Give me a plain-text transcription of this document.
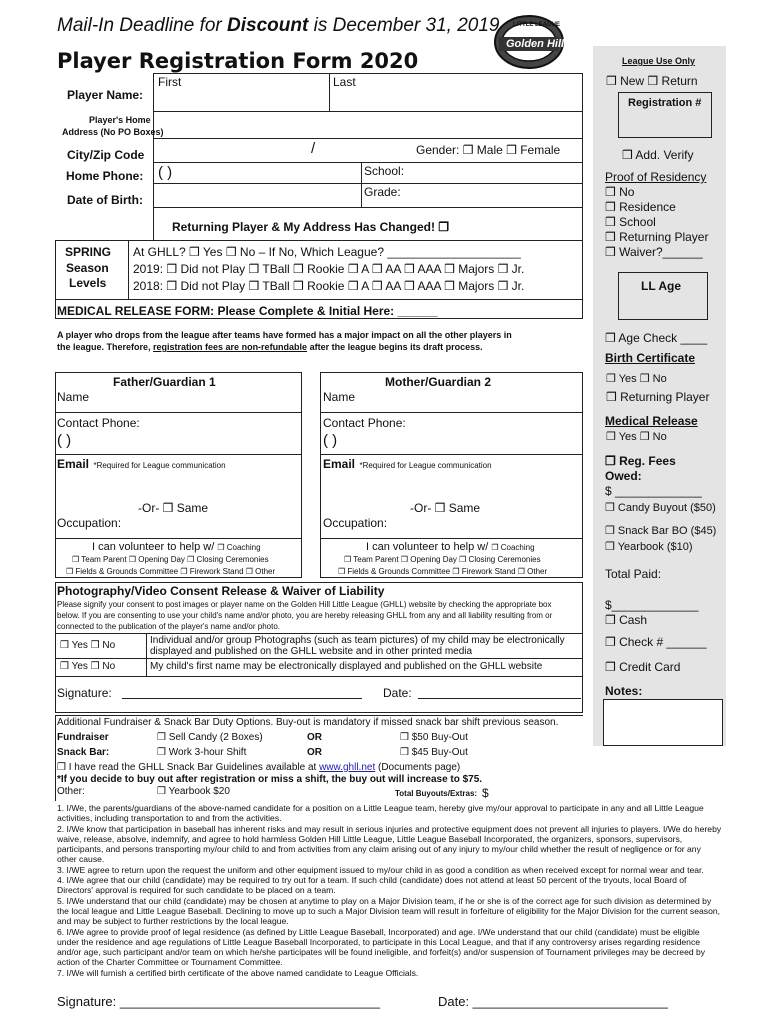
Mail-In Deadline for Discount is December 31, 2019
Player Registration Form 2020
LITTLE LEAGUE
Golden Hill
First	Last
Player Name:
Player's Home
Address (No PO Boxes)
City/Zip Code	/	Gender: ❒ Male ❒ Female
Home Phone: ( )	School:
Grade:
Date of Birth:
Returning Player & My Address Has Changed! ❒
SPRING
Season
Levels
At GHLL? ❒ Yes ❒ No – If No, Which League? ____________________
2019: ❒ Did not Play ❒ TBall ❒ Rookie ❒ A ❒ AA ❒ AAA ❒ Majors ❒ Jr.
2018: ❒ Did not Play ❒ TBall ❒ Rookie ❒ A ❒ AA ❒ AAA ❒ Majors ❒ Jr.
MEDICAL RELEASE FORM: Please Complete & Initial Here: ______
A player who drops from the league after teams have formed has a major impact on all the other players in
the league. Therefore, registration fees are non-refundable after the league begins its draft process.
Father/Guardian 1
Name
Contact Phone:
( )
Email *Required for League communication
-Or- ❒ Same
Occupation:
I can volunteer to help w/ ❒ Coaching
❒ Team Parent ❒ Opening Day ❒ Closing Ceremonies
❒ Fields & Grounds Committee ❒ Firework Stand ❒ Other
Mother/Guardian 2
Name
Contact Phone:
( )
Email *Required for League communication
-Or- ❒ Same
Occupation:
I can volunteer to help w/ ❒ Coaching
❒ Team Parent ❒ Opening Day ❒ Closing Ceremonies
❒ Fields & Grounds Committee ❒ Firework Stand ❒ Other
Photography/Video Consent Release & Waiver of Liability
Please signify your consent to post images or player name on the Golden Hill Little League (GHLL) website by checking the appropriate box
below. If you are consenting to use your child's name and/or photo, you are hereby releasing GHLL from any and all liability resulting from or
connected to the publication of the player's name and/or photo.
❒ Yes ❒ No	Individual and/or group Photographs (such as team pictures) of my child may be electronically
displayed and published on the GHLL website and in other printed media
❒ Yes ❒ No	My child's first name may be electronically displayed and published on the GHLL website
Signature:	Date:
Additional Fundraiser & Snack Bar Duty Options. Buy-out is mandatory if missed snack bar shift previous season.
Fundraiser	❒ Sell Candy (2 Boxes)	OR	❒ $50 Buy-Out
Snack Bar:	❒ Work 3-hour Shift	OR	❒ $45 Buy-Out
❒ I have read the GHLL Snack Bar Guidelines available at www.ghll.net (Documents page)
*If you decide to buy out after registration or miss a shift, the buy out will increase to $75.
Other:	❒ Yearbook $20	Total Buyouts/Extras: $
1. I/We, the parents/guardians of the above-named candidate for a position on a Little League team, hereby give my/our approval to participate in any and all Little League activities, including transportation to and from the activities.
2. I/We know that participation in baseball has inherent risks and may result in serious injuries and protective equipment does not prevent all injuries to players. I/We do hereby waive, release, absolve, indemnify, and agree to hold harmless Golden Hill Little League, Little League Baseball Incorporated, the organizers, sponsors, supervisors, participants, and persons transporting my/our child to and from activities from any claim arising out of any injury to my/our child whether the result of negligence or for any other cause.
3. I/WE agree to return upon the request the uniform and other equipment issued to my/our child in as good a condition as when received except for normal wear and tear.
4. I/We agree that our child (candidate) may be required to try out for a team. If such child (candidate) does not attend at least 50 percent of the tryouts, local Board of Directors' approval is required for such candidate to be placed on a team.
5. I/We understand that our child (candidate) may be chosen at anytime to play on a Major Division team, if he or she is of the correct age for such division as determined by the local league and Little League Baseball. Declining to move up to such a Major Division team will result in forfeiture of eligibility for the Major Division for the current season, and may be subject to further restrictions by the local league.
6. I/We agree to provide proof of legal residence (as defined by Little League Baseball, Incorporated) and age. I/We understand that our child (candidate) must be eligible under the residence and age regulations of Little League Baseball Incorporated, to participate in this Local League, and that if any controversy arises regarding residence and/or age, such participant and/or team on which he/she participates will be found ineligible, and forfeit(s) and/or suspension of Tournament privileges may be decreed by action of the Charter Committee or Tournament Committee.
7. I/We will furnish a certified birth certificate of the above named candidate to League Officials.
Signature: ____________________________________	Date: ___________________________
League Use Only
❒ New ❒ Return
Registration #
❒ Add. Verify
Proof of Residency
❒ No
❒ Residence
❒ School
❒ Returning Player
❒ Waiver?______
LL Age
❒ Age Check ____
Birth Certificate
❒ Yes ❒ No
❒ Returning Player
Medical Release
❒ Yes ❒ No
❒ Reg. Fees
Owed:
$ _____________
❒ Candy Buyout ($50)
❒ Snack Bar BO ($45)
❒ Yearbook ($10)
Total Paid:
$_____________
❒ Cash
❒ Check # ______
❒ Credit Card
Notes:
